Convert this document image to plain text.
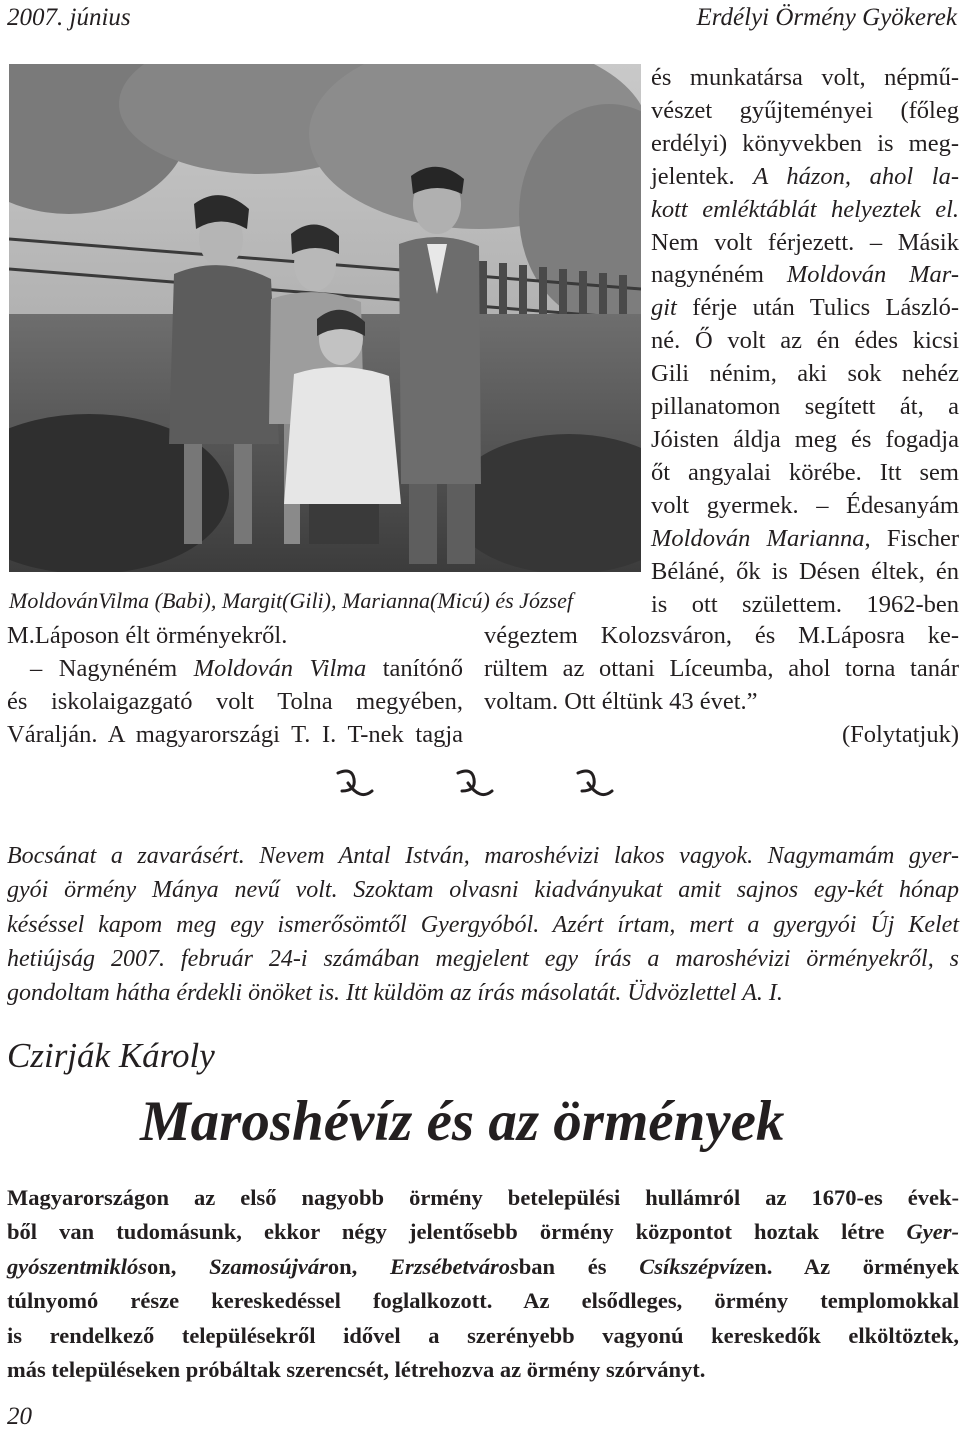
2007. június	Erdélyi Örmény Gyökerek
és munkatársa volt, népmű-
vészet gyűjteményei (főleg
erdélyi) könyvekben is meg-
jelentek. A házon, ahol la-
kott emléktáblát helyeztek el.
Nem volt férjezett. – Másik
nagynéném Moldován Mar-
git férje után Tulics László-
né. Ő volt az én édes kicsi
Gili nénim, aki sok nehéz
pillanatomon segített át, a
Jóisten áldja meg és fogadja
őt angyalai körébe. Itt sem
volt gyermek. – Édesanyám
Moldován Marianna, Fischer
Béláné, ők is Désen éltek, én
is ott születtem. 1962-ben
MoldovánVilma (Babi), Margit(Gili), Marianna(Micú) és József
M.Láposon élt örményekről.
– Nagynéném Moldován Vilma tanítónő
és iskolaigazgató volt Tolna megyében,
Váralján. A magyarországi T. I. T-nek tagja
végeztem Kolozsváron, és M.Láposra ke-
rültem az ottani Líceumba, ahol torna tanár
voltam. Ott éltünk 43 évet.”
(Folytatjuk)
Bocsánat a zavarásért. Nevem Antal István, maroshévizi lakos vagyok. Nagymamám gyer-
gyói örmény Mánya nevű volt. Szoktam olvasni kiadványukat amit sajnos egy-két hónap
késéssel kapom meg egy ismerősömtől Gyergyóból. Azért írtam, mert a gyergyói Új Kelet
hetiújság 2007. február 24-i számában megjelent egy írás a maroshévizi örményekről, s
gondoltam hátha érdekli önöket is. Itt küldöm az írás másolatát. Üdvözlettel A. I.
Czirják Károly
Maroshévíz és az örmények
Magyarországon az első nagyobb örmény betelepülési hullámról az 1670-es évek-
ből van tudomásunk, ekkor négy jelentősebb örmény központot hoztak létre Gyer-
gyószentmiklóson, Szamosújváron, Erzsébetvárosban és Csíkszépvízen. Az örmények
túlnyomó része kereskedéssel foglalkozott. Az elsődleges, örmény templomokkal
is rendelkező településekről idővel a szerényebb vagyonú kereskedők elköltöztek,
más településeken próbáltak szerencsét, létrehozva az örmény szórványt.
20
